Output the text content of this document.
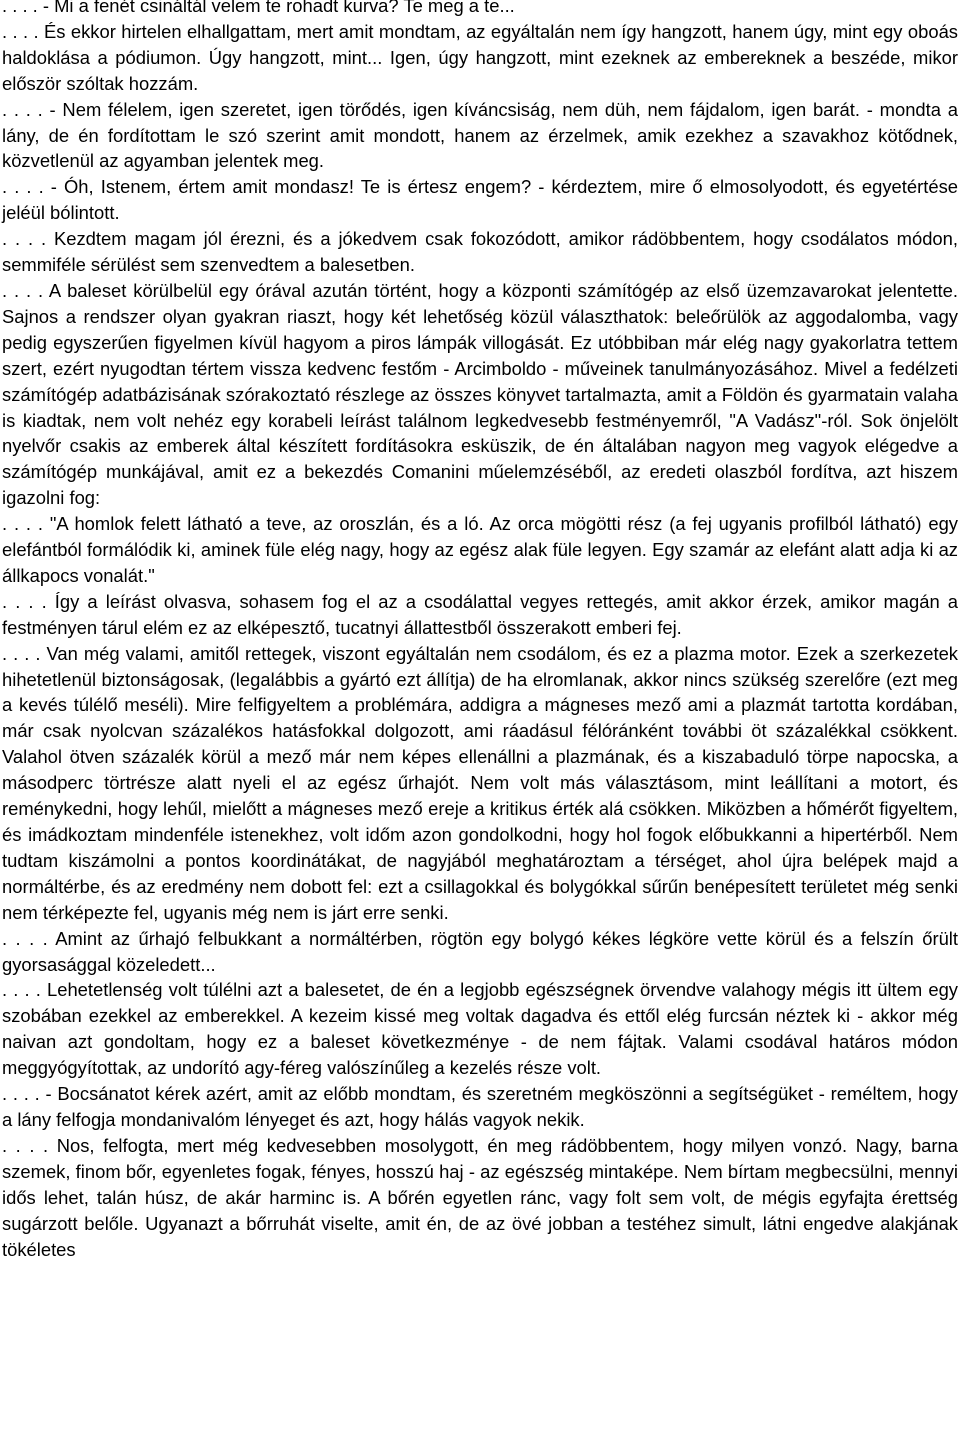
. . . . - Mi a fenét csináltál velem te rohadt kurva? Te meg a te...

. . . . És ekkor hirtelen elhallgattam, mert amit mondtam, az egyáltalán nem így hangzott, hanem úgy, mint egy oboás haldoklása a pódiumon. Úgy hangzott, mint... Igen, úgy hangzott, mint ezeknek az embereknek a beszéde, mikor először szóltak hozzám.

. . . . - Nem félelem, igen szeretet, igen törődés, igen kíváncsiság, nem düh, nem fájdalom, igen barát. - mondta a lány, de én fordítottam le szó szerint amit mondott, hanem az érzelmek, amik ezekhez a szavakhoz kötődnek, közvetlenül az agyamban jelentek meg.

. . . . - Óh, Istenem, értem amit mondasz! Te is értesz engem? - kérdeztem, mire ő elmosolyodott, és egyetértése jeléül bólintott.

. . . . Kezdtem magam jól érezni, és a jókedvem csak fokozódott, amikor rádöbbentem, hogy csodálatos módon, semmiféle sérülést sem szenvedtem a balesetben.

. . . . A baleset körülbelül egy órával azután történt, hogy a központi számítógép az első üzemzavarokat jelentette. Sajnos a rendszer olyan gyakran riaszt, hogy két lehetőség közül választhatok: beleőrülök az aggodalomba, vagy pedig egyszerűen figyelmen kívül hagyom a piros lámpák villogását. Ez utóbbiban már elég nagy gyakorlatra tettem szert, ezért nyugodtan tértem vissza kedvenc festőm - Arcimboldo - műveinek tanulmányozásához. Mivel a fedélzeti számítógép adatbázisának szórakoztató részlege az összes könyvet tartalmazta, amit a Földön és gyarmatain valaha is kiadtak, nem volt nehéz egy korabeli leírást találnom legkedvesebb festményemről, "A Vadász"-ról. Sok önjelölt nyelvőr csakis az emberek által készített fordításokra esküszik, de én általában nagyon meg vagyok elégedve a számítógép munkájával, amit ez a bekezdés Comanini műelemzéséből, az eredeti olaszból fordítva, azt hiszem igazolni fog:

. . . . "A homlok felett látható a teve, az oroszlán, és a ló. Az orca mögötti rész (a fej ugyanis profilból látható) egy elefántból formálódik ki, aminek füle elég nagy, hogy az egész alak füle legyen. Egy szamár az elefánt alatt adja ki az állkapocs vonalát."

. . . . Így a leírást olvasva, sohasem fog el az a csodálattal vegyes rettegés, amit akkor érzek, amikor magán a festményen tárul elém ez az elképesztő, tucatnyi állattestből összerakott emberi fej.

. . . . Van még valami, amitől rettegek, viszont egyáltalán nem csodálom, és ez a plazma motor. Ezek a szerkezetek hihetetlenül biztonságosak, (legalábbis a gyártó ezt állítja) de ha elromlanak, akkor nincs szükség szerelőre (ezt meg a kevés túlélő meséli). Mire felfigyeltem a problémára, addigra a mágneses mező ami a plazmát tartotta kordában, már csak nyolcvan százalékos hatásfokkal dolgozott, ami ráadásul félóránként további öt százalékkal csökkent. Valahol ötven százalék körül a mező már nem képes ellenállni a plazmának, és a kiszabaduló törpe napocska, a másodperc törtrésze alatt nyeli el az egész űrhajót. Nem volt más választásom, mint leállítani a motort, és reménykedni, hogy lehűl, mielőtt a mágneses mező ereje a kritikus érték alá csökken. Miközben a hőmérőt figyeltem, és imádkoztam mindenféle istenekhez, volt időm azon gondolkodni, hogy hol fogok előbukkanni a hipertérből. Nem tudtam kiszámolni a pontos koordinátákat, de nagyjából meghatároztam a térséget, ahol újra belépek majd a normáltérbe, és az eredmény nem dobott fel: ezt a csillagokkal és bolygókkal sűrűn benépesített területet még senki nem térképezte fel, ugyanis még nem is járt erre senki.

. . . . Amint az űrhajó felbukkant a normáltérben, rögtön egy bolygó kékes légköre vette körül és a felszín őrült gyorsasággal közeledett...

. . . . Lehetetlenség volt túlélni azt a balesetet, de én a legjobb egészségnek örvendve valahogy mégis itt ültem egy szobában ezekkel az emberekkel. A kezeim kissé meg voltak dagadva és ettől elég furcsán néztek ki - akkor még naivan azt gondoltam, hogy ez a baleset következménye - de nem fájtak. Valami csodával határos módon meggyógyítottak, az undorító agy-féreg valószínűleg a kezelés része volt.

. . . . - Bocsánatot kérek azért, amit az előbb mondtam, és szeretném megköszönni a segítségüket - reméltem, hogy a lány felfogja mondanivalóm lényeget és azt, hogy hálás vagyok nekik.

. . . . Nos, felfogta, mert még kedvesebben mosolygott, én meg rádöbbentem, hogy milyen vonzó. Nagy, barna szemek, finom bőr, egyenletes fogak, fényes, hosszú haj - az egészség mintaképe. Nem bírtam megbecsülni, mennyi idős lehet, talán húsz, de akár harminc is. A bőrén egyetlen ránc, vagy folt sem volt, de mégis egyfajta érettség sugárzott belőle. Ugyanazt a bőrruhát viselte, amit én, de az övé jobban a testéhez simult, látni engedve alakjának tökéletes
